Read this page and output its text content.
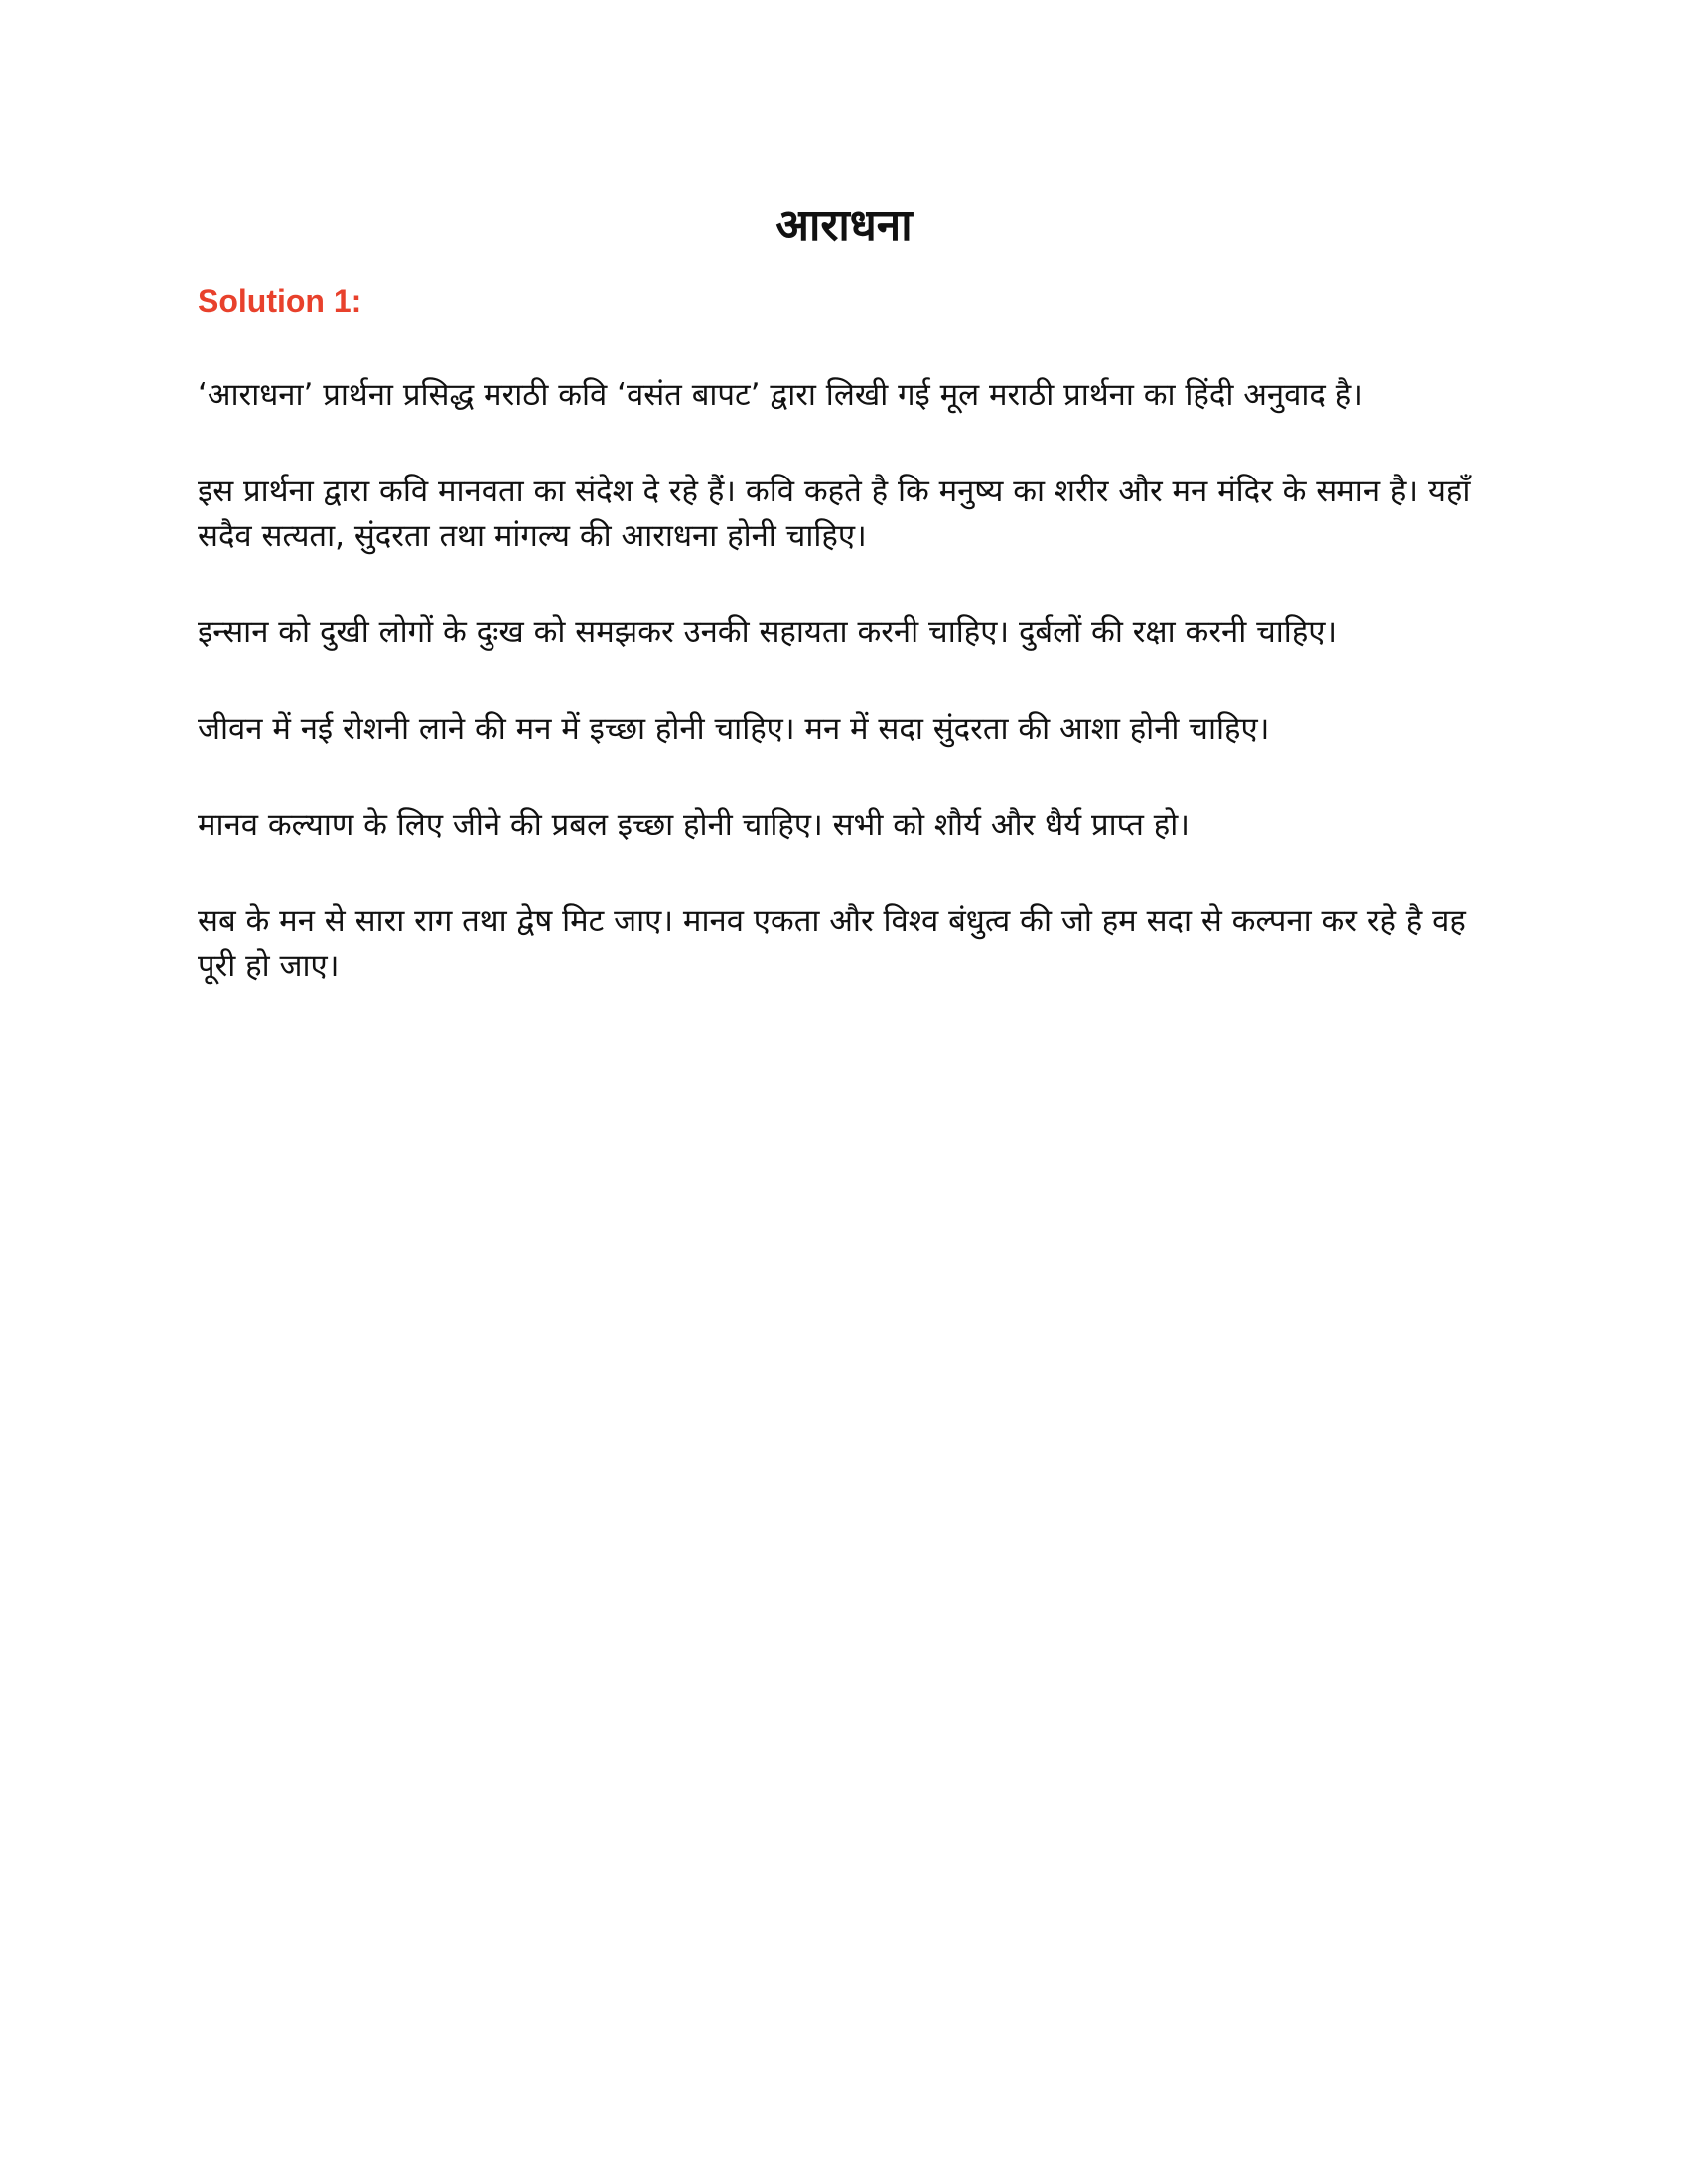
आराधना
Solution 1:

‘आराधना’ प्रार्थना प्रसिद्ध मराठी कवि ‘वसंत बापट’ द्वारा लिखी गई मूल मराठी प्रार्थना का हिंदी अनुवाद है।

इस प्रार्थना द्वारा कवि मानवता का संदेश दे रहे हैं। कवि कहते है कि मनुष्य का शरीर और मन मंदिर के समान है। यहाँ सदैव सत्यता, सुंदरता तथा मांगल्य की आराधना होनी चाहिए।

इन्सान को दुखी लोगों के दुःख को समझकर उनकी सहायता करनी चाहिए। दुर्बलों की रक्षा करनी चाहिए।

जीवन में नई रोशनी लाने की मन में इच्छा होनी चाहिए। मन में सदा सुंदरता की आशा होनी चाहिए।

मानव कल्याण के लिए जीने की प्रबल इच्छा होनी चाहिए। सभी को शौर्य और धैर्य प्राप्त हो।

सब के मन से सारा राग तथा द्वेष मिट जाए। मानव एकता और विश्व बंधुत्व की जो हम सदा से कल्पना कर रहे है वह पूरी हो जाए।
